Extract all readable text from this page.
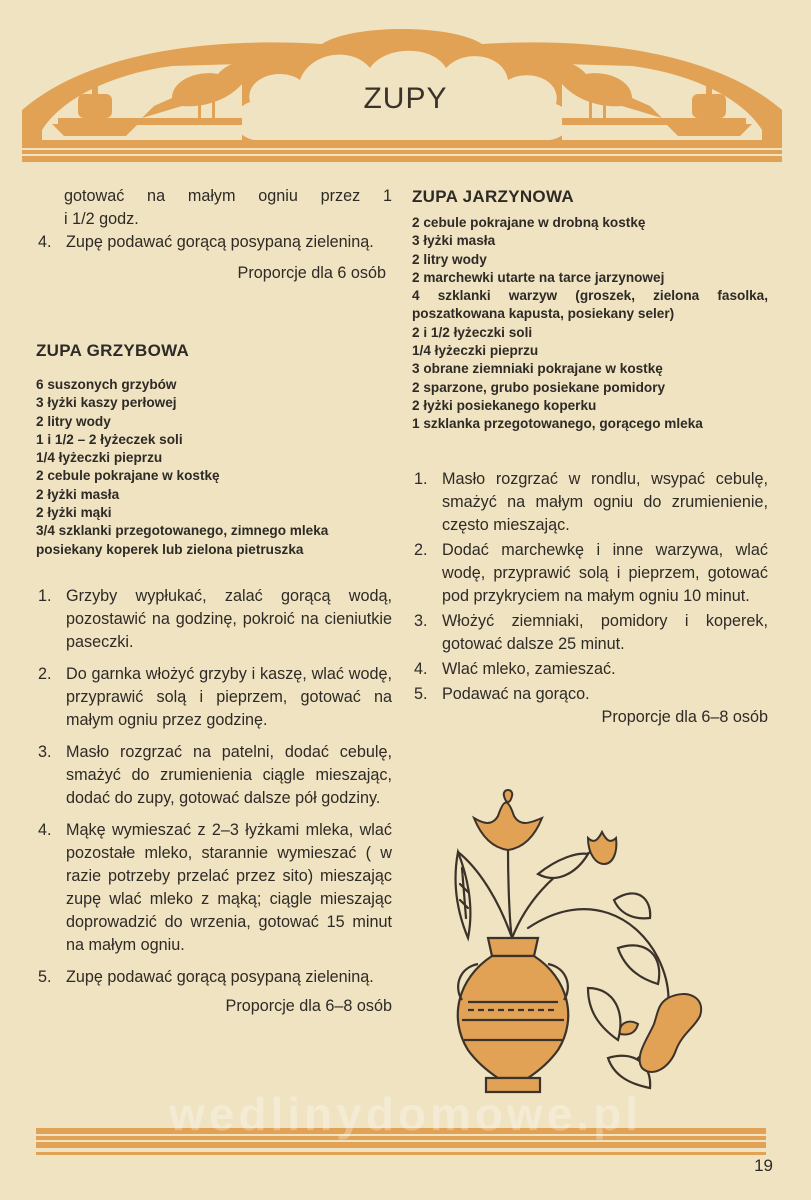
ZUPY

gotować na małym ogniu przez 1

i 1/2 godz.

4. Zupę podawać gorącą posypaną zieleniną.
Proporcje dla 6 osób
ZUPA GRZYBOWA
6 suszonych grzybów
3 łyżki kaszy perłowej
2 litry wody
1 i 1/2 – 2 łyżeczek soli
1/4 łyżeczki pieprzu
2 cebule pokrajane w kostkę
2 łyżki masła
2 łyżki mąki
3/4 szklanki przegotowanego, zimnego mleka
posiekany koperek lub zielona pietruszka
1. Grzyby wypłukać, zalać gorącą wodą, pozostawić na godzinę, pokroić na cieniutkie paseczki.
2. Do garnka włożyć grzyby i kaszę, wlać wodę, przyprawić solą i pieprzem, gotować na małym ogniu przez godzinę.
3. Masło rozgrzać na patelni, dodać cebulę, smażyć do zrumienienia ciągle mieszając, dodać do zupy, gotować dalsze pół godziny.
4. Mąkę wymieszać z 2–3 łyżkami mleka, wlać pozostałe mleko, starannie wymieszać ( w razie potrzeby przelać przez sito) mieszając zupę wlać mleko z mąką; ciągle mieszając doprowadzić do wrzenia, gotować 15 minut na małym ogniu.
5. Zupę podawać gorącą posypaną zieleniną.
Proporcje dla 6–8 osób
ZUPA JARZYNOWA
2 cebule pokrajane w drobną kostkę
3 łyżki masła
2 litry wody
2 marchewki utarte na tarce jarzynowej
4 szklanki warzyw (groszek, zielona fasolka, poszatkowana kapusta, posiekany seler)
2 i 1/2 łyżeczki soli
1/4 łyżeczki pieprzu
3 obrane ziemniaki pokrajane w kostkę
2 sparzone, grubo posiekane pomidory
2 łyżki posiekanego koperku
1 szklanka przegotowanego, gorącego mleka
1. Masło rozgrzać w rondlu, wsypać cebulę, smażyć na małym ogniu do zrumienienie, często mieszając.
2. Dodać marchewkę i inne warzywa, wlać wodę, przyprawić solą i pieprzem, gotować pod przykryciem na małym ogniu 10 minut.
3. Włożyć ziemniaki, pomidory i koperek, gotować dalsze 25 minut.
4. Wlać mleko, zamieszać.
5. Podawać na gorąco.
Proporcje dla 6–8 osób
wedlinydomowe.pl
19
